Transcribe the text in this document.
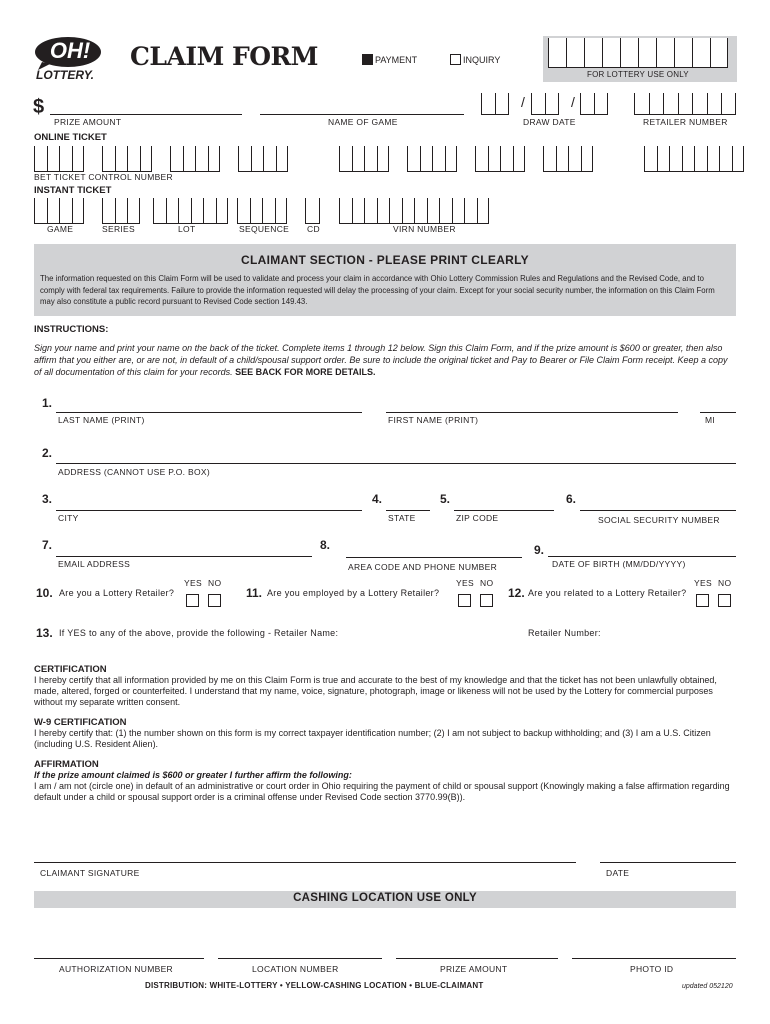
OH!
LOTTERY.
CLAIM FORM	PAYMENT	INQUIRY
FOR LOTTERY USE ONLY
$
PRIZE AMOUNT	NAME OF GAME
/	/
DRAW DATE	RETAILER NUMBER
ONLINE TICKET
BET TICKET CONTROL NUMBER
INSTANT TICKET
GAME	SERIES	LOT	SEQUENCE CD	VIRN NUMBER
CLAIMANT SECTION - PLEASE PRINT CLEARLY
The information requested on this Claim Form will be used to validate and process your claim in accordance with Ohio Lottery Commission Rules and Regulations and the Revised Code, and to comply with federal tax requirements. Failure to provide the information requested will delay the processing of your claim. Except for your social security number, the information on this Claim Form may also constitute a public record pursuant to Revised Code section 149.43.
INSTRUCTIONS:
Sign your name and print your name on the back of the ticket. Complete items 1 through 12 below. Sign this Claim Form, and if the prize amount is $600 or greater, then also affirm that you either are, or are not, in default of a child/spousal support order. Be sure to include the original ticket and Pay to Bearer or File Claim Form receipt. Keep a copy of all documentation of this claim for your records. SEE BACK FOR MORE DETAILS.
1.
LAST NAME (PRINT)	FIRST NAME (PRINT)	MI
2.
ADDRESS (CANNOT USE P.O. BOX)
3.
CITY
4.
STATE
5.
ZIP CODE
6.
SOCIAL SECURITY NUMBER
7.
EMAIL ADDRESS
8.
AREA CODE AND PHONE NUMBER
9.
DATE OF BIRTH (MM/DD/YYYY)
YES NO
10. Are you a Lottery Retailer?
YES NO
11. Are you employed by a Lottery Retailer?
YES NO
12. Are you related to a Lottery Retailer?
13. If YES to any of the above, provide the following - Retailer Name:	Retailer Number:
CERTIFICATION
I hereby certify that all information provided by me on this Claim Form is true and accurate to the best of my knowledge and that the ticket has not been unlawfully obtained, made, altered, forged or counterfeited. I understand that my name, voice, signature, photograph, image or likeness will not be used by the Lottery for commercial purposes without my separate written consent.
W-9 CERTIFICATION
I hereby certify that: (1) the number shown on this form is my correct taxpayer identification number; (2) I am not subject to backup withholding; and (3) I am a U.S. Citizen (including U.S. Resident Alien).
AFFIRMATION
If the prize amount claimed is $600 or greater I further affirm the following:
I am / am not (circle one) in default of an administrative or court order in Ohio requiring the payment of child or spousal support (Knowingly making a false affirmation regarding default under a child or spousal support order is a criminal offense under Revised Code section 3770.99(B)).
CLAIMANT SIGNATURE	DATE
CASHING LOCATION USE ONLY
AUTHORIZATION NUMBER	LOCATION NUMBER	PRIZE AMOUNT	PHOTO ID
DISTRIBUTION: WHITE-LOTTERY • YELLOW-CASHING LOCATION • BLUE-CLAIMANT	updated 052120
